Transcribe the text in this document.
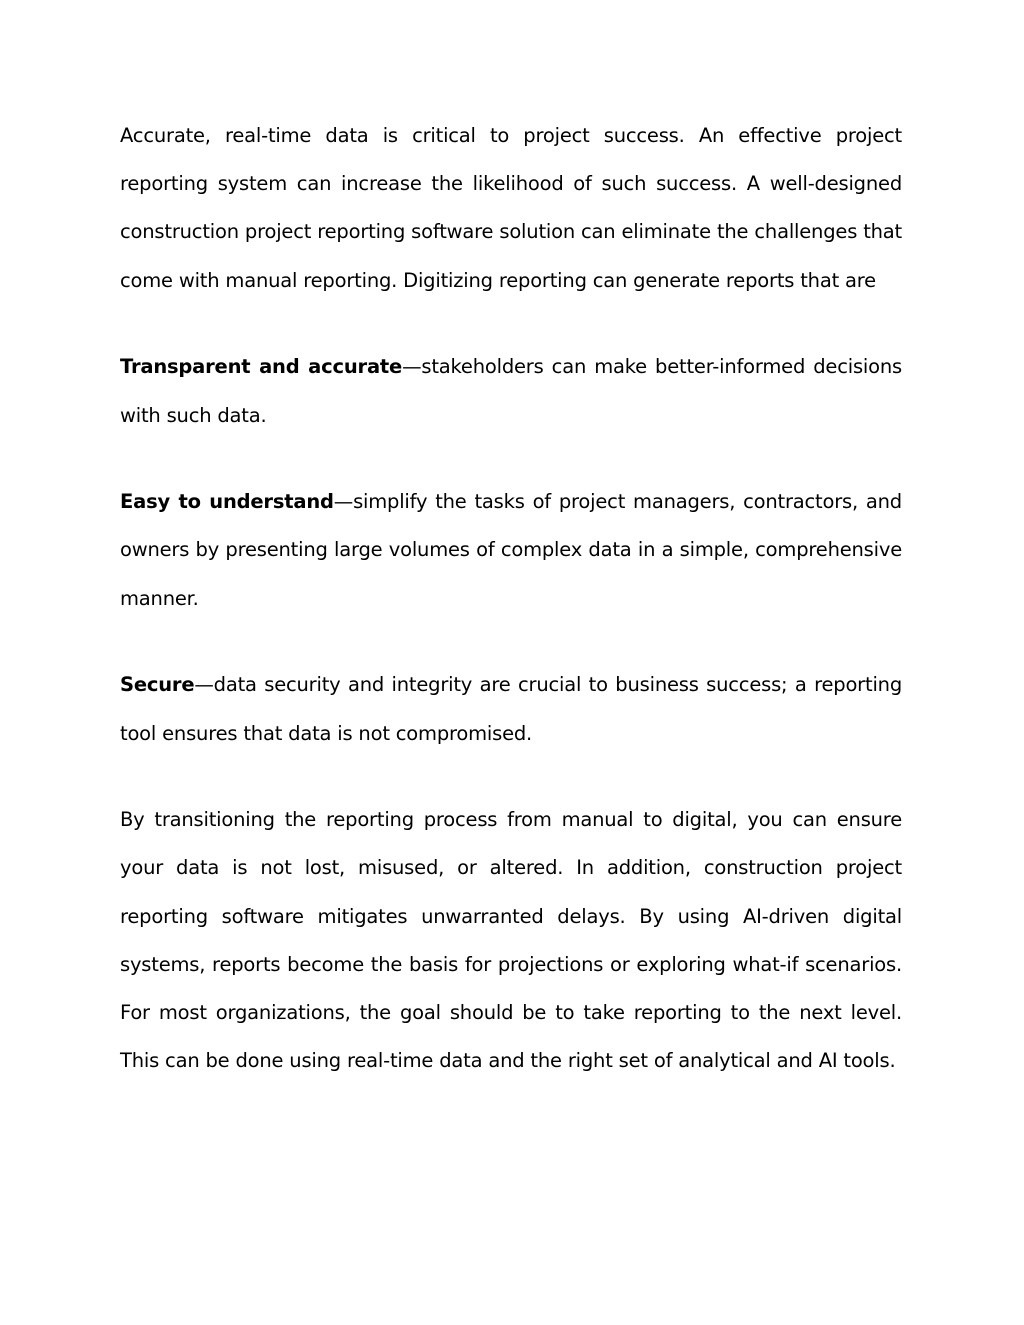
Accurate, real-time data is critical to project success. An effective project reporting system can increase the likelihood of such success. A well-designed construction project reporting software solution can eliminate the challenges that come with manual reporting. Digitizing reporting can generate reports that are

Transparent and accurate—stakeholders can make better-informed decisions with such data.

Easy to understand—simplify the tasks of project managers, contractors, and owners by presenting large volumes of complex data in a simple, comprehensive manner.

Secure—data security and integrity are crucial to business success; a reporting tool ensures that data is not compromised.

By transitioning the reporting process from manual to digital, you can ensure your data is not lost, misused, or altered. In addition, construction project reporting software mitigates unwarranted delays. By using AI-driven digital systems, reports become the basis for projections or exploring what-if scenarios. For most organizations, the goal should be to take reporting to the next level. This can be done using real-time data and the right set of analytical and AI tools.
